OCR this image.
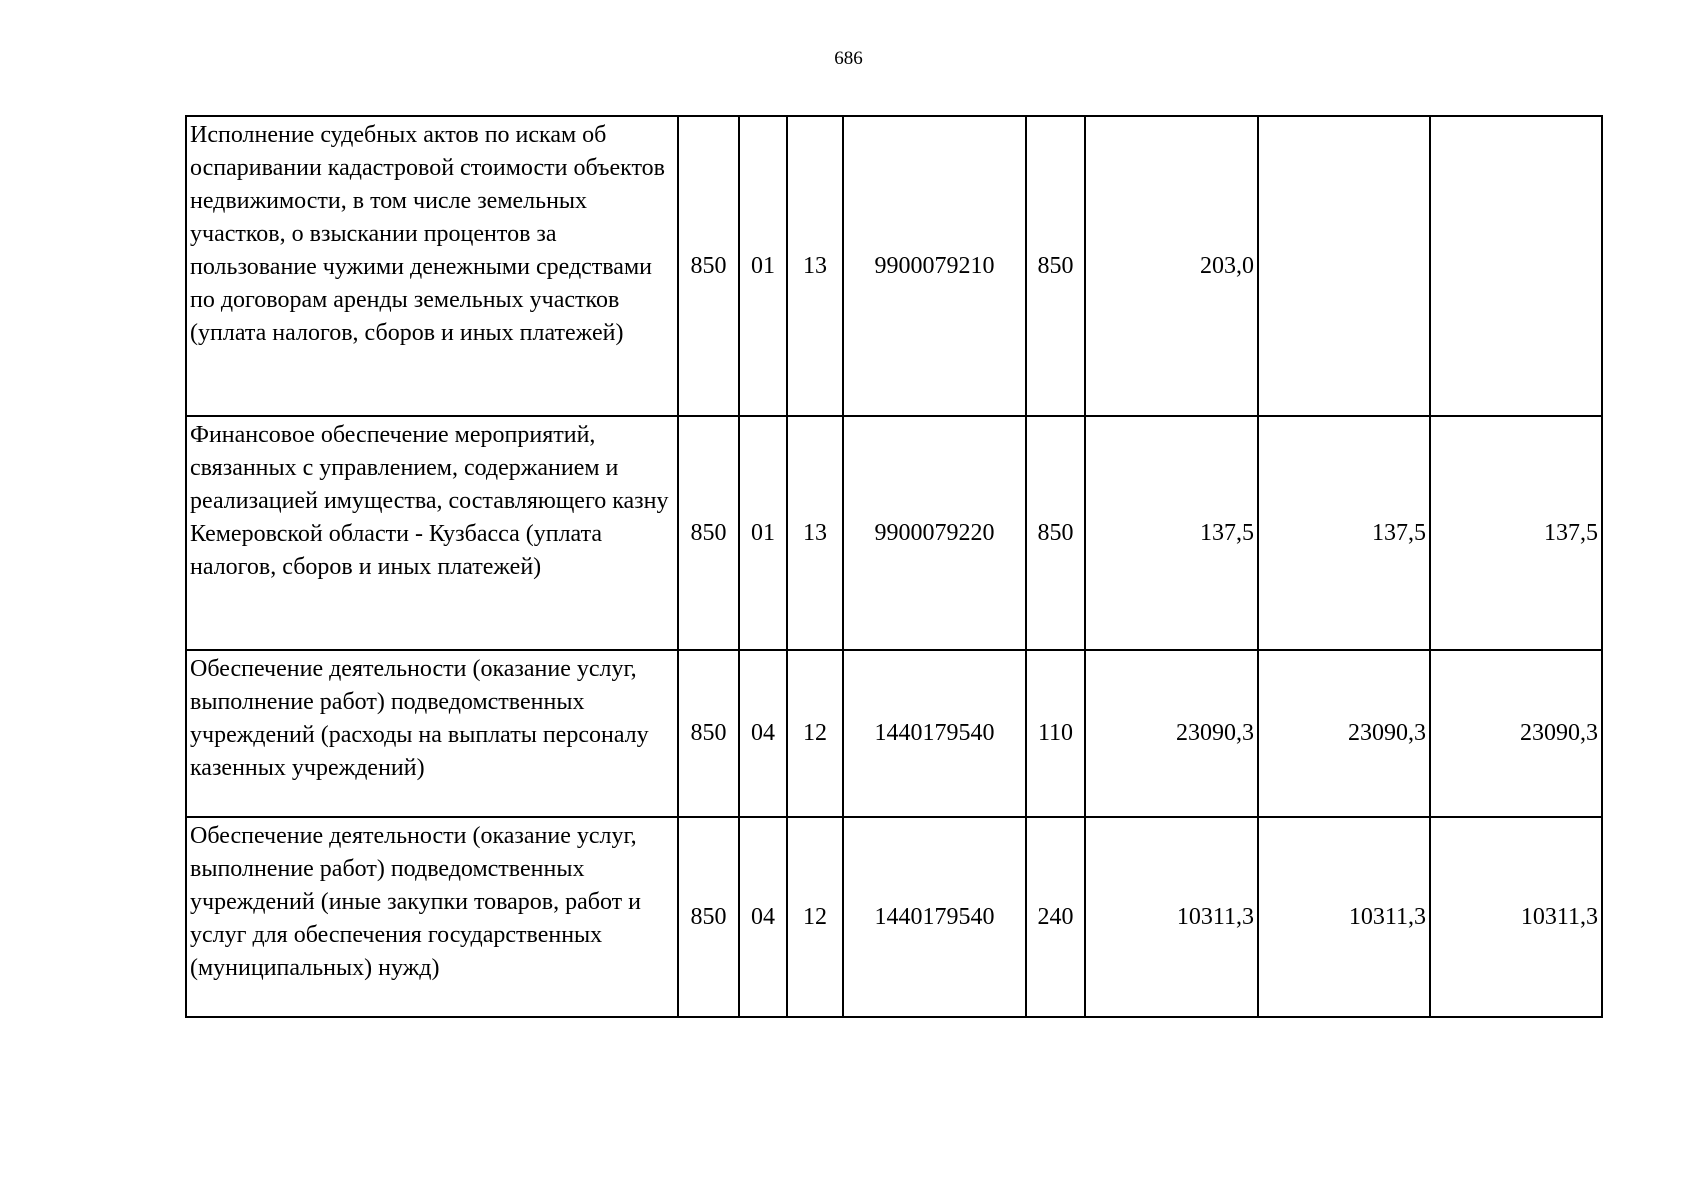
686
Исполнение судебных актов по искам об оспаривании кадастровой стоимости объектов недвижимости, в том числе земельных участков, о взыскании процентов за пользование чужими денежными средствами по договорам аренды земельных участков (уплата налогов, сборов и иных платежей)	850	01	13	9900079210	850	203,0		
Финансовое обеспечение мероприятий, связанных с управлением, содержанием и реализацией имущества, составляющего казну Кемеровской области - Кузбасса (уплата налогов, сборов и иных платежей)	850	01	13	9900079220	850	137,5	137,5	137,5
Обеспечение деятельности (оказание услуг, выполнение работ) подведомственных учреждений (расходы на выплаты персоналу казенных учреждений)	850	04	12	1440179540	110	23090,3	23090,3	23090,3
Обеспечение деятельности (оказание услуг, выполнение работ) подведомственных учреждений (иные закупки товаров, работ и услуг для обеспечения государственных (муниципальных) нужд)	850	04	12	1440179540	240	10311,3	10311,3	10311,3
